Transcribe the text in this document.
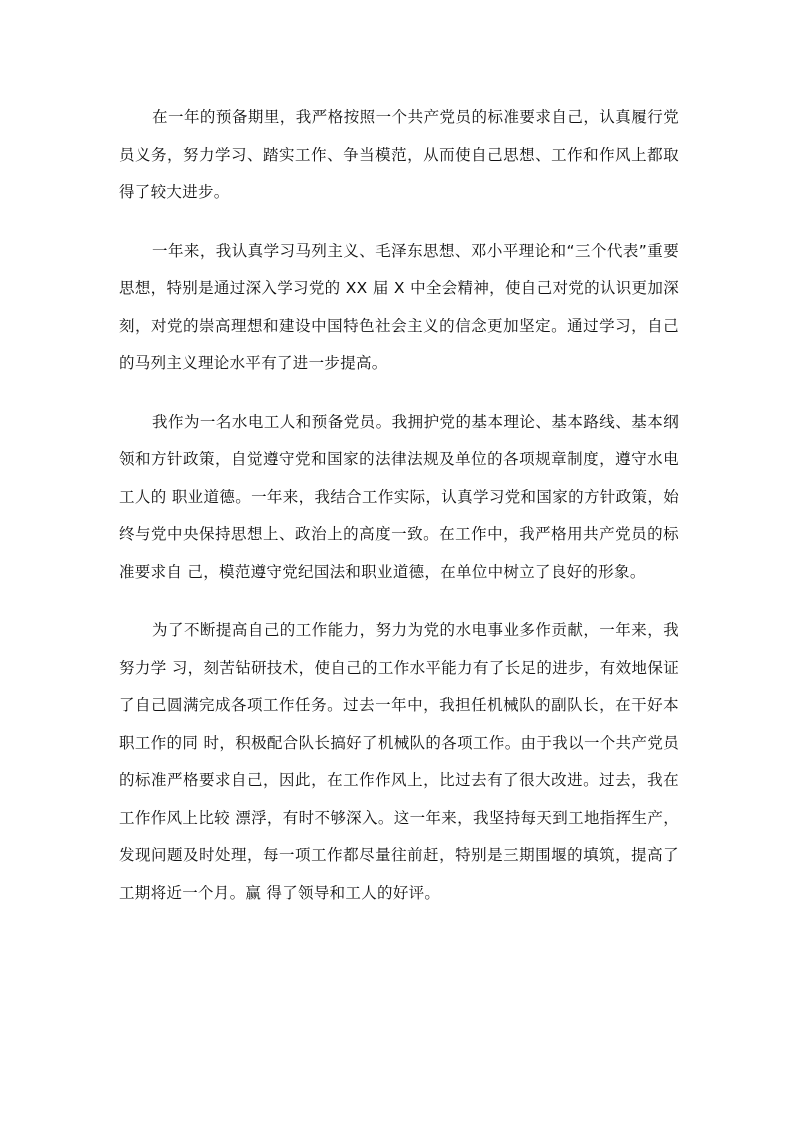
在一年的预备期里，我严格按照一个共产党员的标准要求自己，认真履行党员义务，努力学习、踏实工作、争当模范，从而使自己思想、工作和作风上都取得了较大进步。

一年来，我认真学习马列主义、毛泽东思想、邓小平理论和“三个代表”重要思想，特别是通过深入学习党的 XX 届 X 中全会精神，使自己对党的认识更加深刻，对党的崇高理想和建设中国特色社会主义的信念更加坚定。通过学习，自己的马列主义理论水平有了进一步提高。

我作为一名水电工人和预备党员。我拥护党的基本理论、基本路线、基本纲领和方针政策，自觉遵守党和国家的法律法规及单位的各项规章制度，遵守水电工人的 职业道德。一年来，我结合工作实际，认真学习党和国家的方针政策，始终与党中央保持思想上、政治上的高度一致。在工作中，我严格用共产党员的标准要求自 己，模范遵守党纪国法和职业道德，在单位中树立了良好的形象。

为了不断提高自己的工作能力，努力为党的水电事业多作贡献，一年来，我努力学 习，刻苦钻研技术，使自己的工作水平能力有了长足的进步，有效地保证了自己圆满完成各项工作任务。过去一年中，我担任机械队的副队长，在干好本职工作的同 时，积极配合队长搞好了机械队的各项工作。由于我以一个共产党员的标准严格要求自己，因此，在工作作风上，比过去有了很大改进。过去，我在工作作风上比较 漂浮，有时不够深入。这一年来，我坚持每天到工地指挥生产，发现问题及时处理，每一项工作都尽量往前赶，特别是三期围堰的填筑，提高了工期将近一个月。赢 得了领导和工人的好评。
